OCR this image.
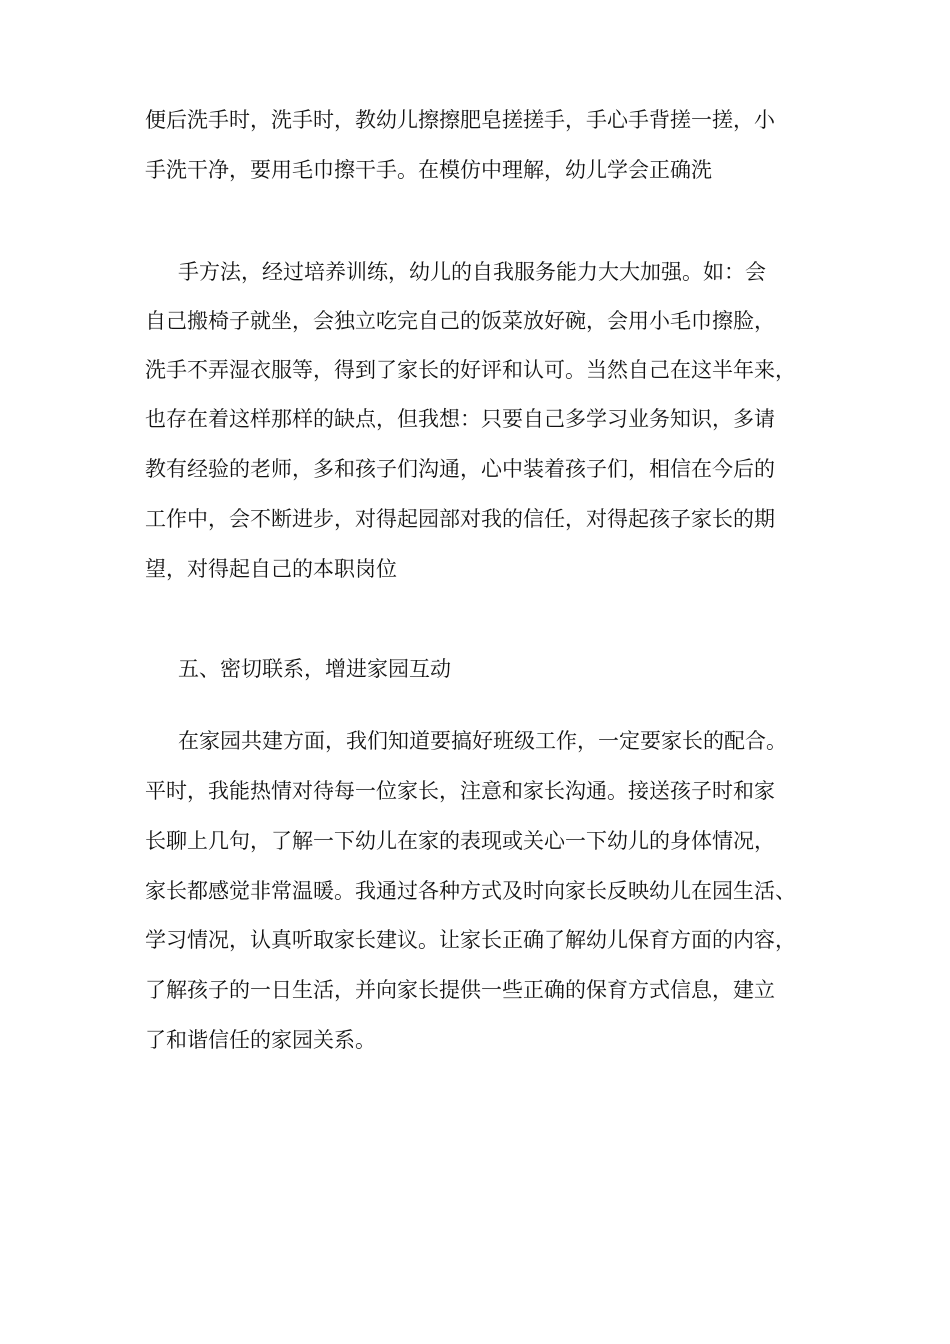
便后洗手时，洗手时，教幼儿擦擦肥皂搓搓手，手心手背搓一搓，小
手洗干净，要用毛巾擦干手。在模仿中理解，幼儿学会正确洗
手方法，经过培养训练，幼儿的自我服务能力大大加强。如：会
自己搬椅子就坐，会独立吃完自己的饭菜放好碗，会用小毛巾擦脸，
洗手不弄湿衣服等，得到了家长的好评和认可。当然自己在这半年来，
也存在着这样那样的缺点，但我想：只要自己多学习业务知识，多请
教有经验的老师，多和孩子们沟通，心中装着孩子们，相信在今后的
工作中，会不断进步，对得起园部对我的信任，对得起孩子家长的期
望，对得起自己的本职岗位
五、密切联系，增进家园互动
在家园共建方面，我们知道要搞好班级工作，一定要家长的配合。
平时，我能热情对待每一位家长，注意和家长沟通。接送孩子时和家
长聊上几句，了解一下幼儿在家的表现或关心一下幼儿的身体情况，
家长都感觉非常温暖。我通过各种方式及时向家长反映幼儿在园生活、
学习情况，认真听取家长建议。让家长正确了解幼儿保育方面的内容，
了解孩子的一日生活，并向家长提供一些正确的保育方式信息，建立
了和谐信任的家园关系。
